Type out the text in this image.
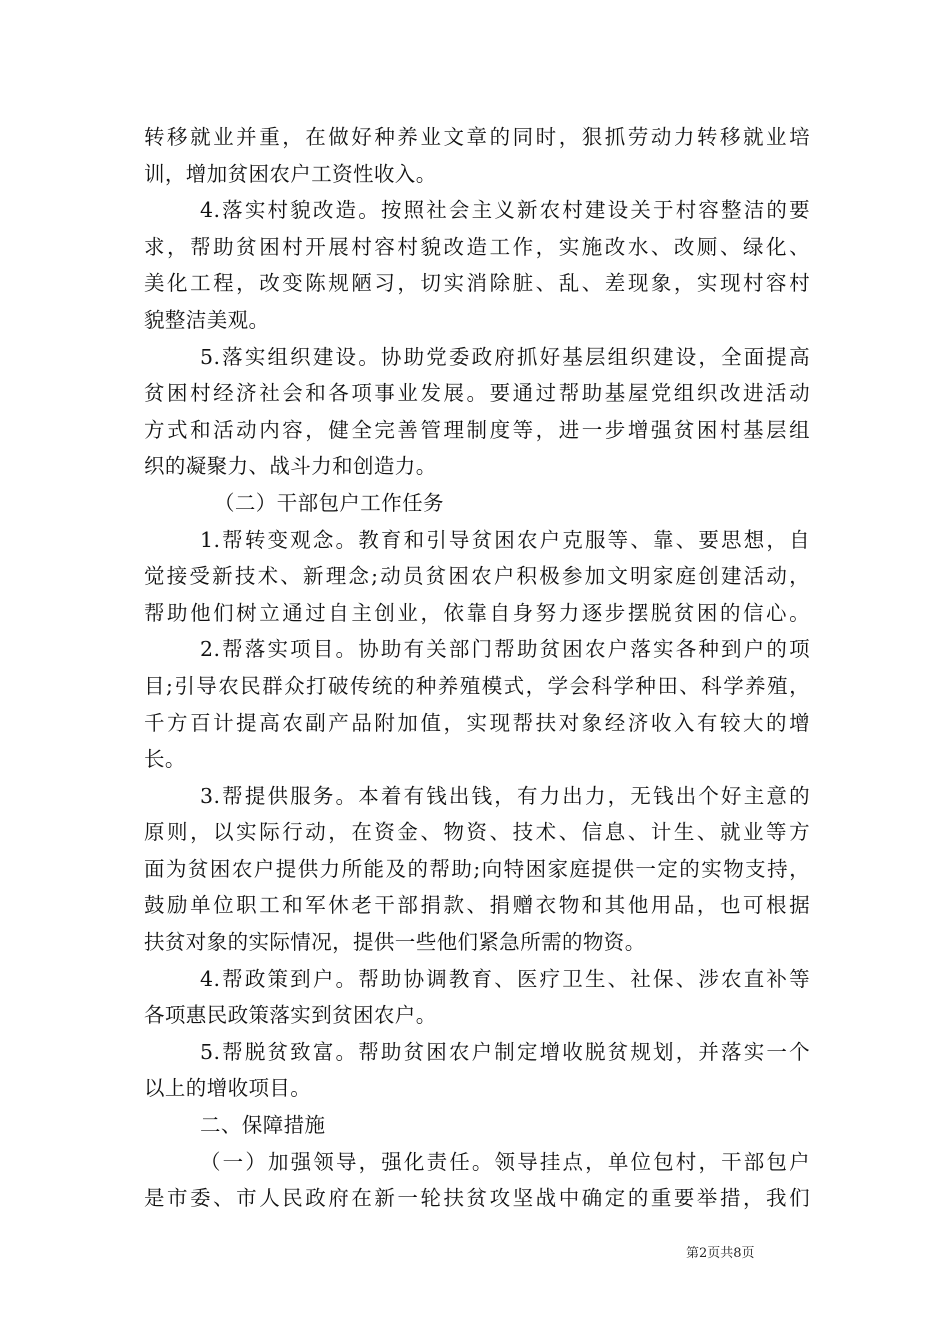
转移就业并重，在做好种养业文章的同时，狠抓劳动力转移就业培
训，增加贫困农户工资性收入。
4.落实村貌改造。按照社会主义新农村建设关于村容整洁的要
求，帮助贫困村开展村容村貌改造工作，实施改水、改厕、绿化、
美化工程，改变陈规陋习，切实消除脏、乱、差现象，实现村容村
貌整洁美观。
5.落实组织建设。协助党委政府抓好基层组织建设，全面提高
贫困村经济社会和各项事业发展。要通过帮助基屋党组织改进活动
方式和活动内容，健全完善管理制度等，进一步增强贫困村基层组
织的凝聚力、战斗力和创造力。
（二）干部包户工作任务
1.帮转变观念。教育和引导贫困农户克服等、靠、要思想，自
觉接受新技术、新理念;动员贫困农户积极参加文明家庭创建活动，
帮助他们树立通过自主创业，依靠自身努力逐步摆脱贫困的信心。
2.帮落实项目。协助有关部门帮助贫困农户落实各种到户的项
目;引导农民群众打破传统的种养殖模式，学会科学种田、科学养殖，
千方百计提高农副产品附加值，实现帮扶对象经济收入有较大的增
长。
3.帮提供服务。本着有钱出钱，有力出力，无钱出个好主意的
原则，以实际行动，在资金、物资、技术、信息、计生、就业等方
面为贫困农户提供力所能及的帮助;向特困家庭提供一定的实物支持，
鼓励单位职工和军休老干部捐款、捐赠衣物和其他用品，也可根据
扶贫对象的实际情况，提供一些他们紧急所需的物资。
4.帮政策到户。帮助协调教育、医疗卫生、社保、涉农直补等
各项惠民政策落实到贫困农户。
5.帮脱贫致富。帮助贫困农户制定增收脱贫规划，并落实一个
以上的增收项目。
二、保障措施
（一）加强领导，强化责任。领导挂点，单位包村，干部包户
是市委、市人民政府在新一轮扶贫攻坚战中确定的重要举措，我们
第2页共8页
